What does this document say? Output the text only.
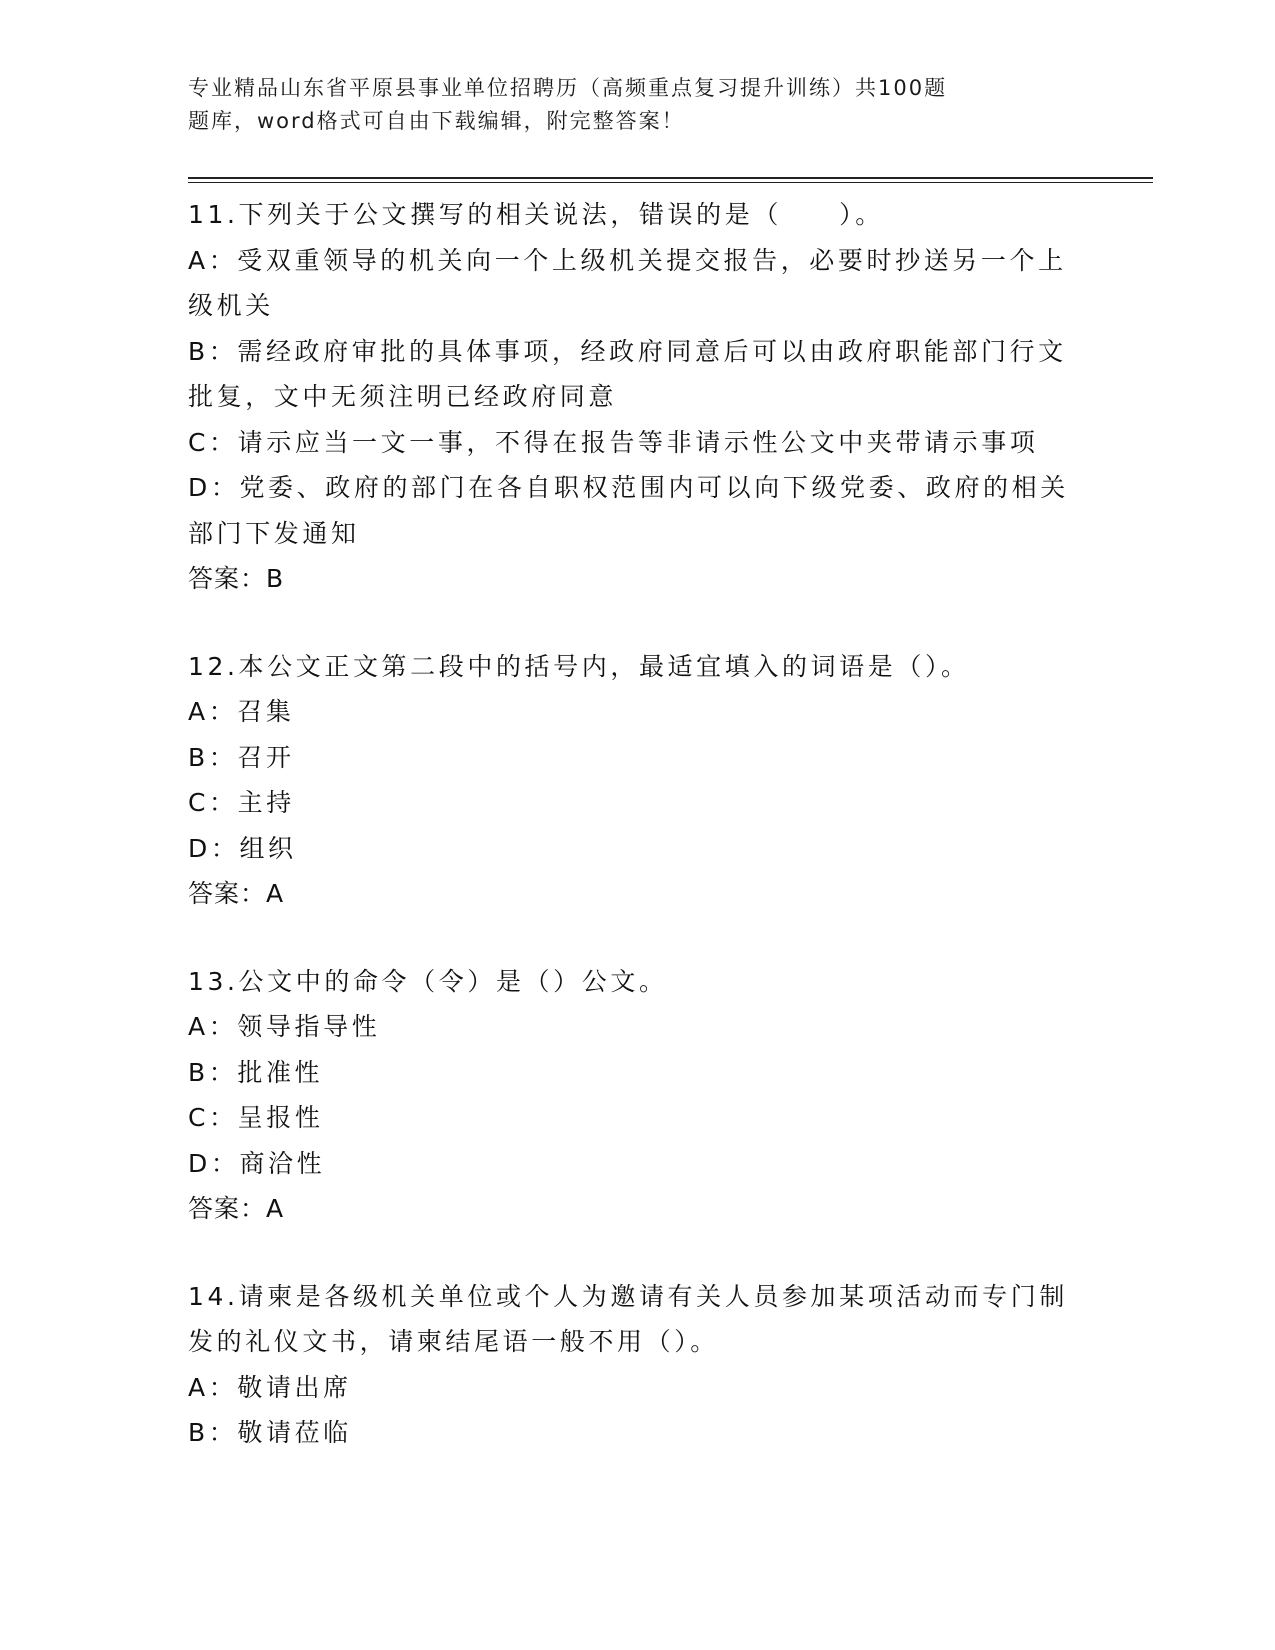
专业精品山东省平原县事业单位招聘历（高频重点复习提升训练）共100题
题库，word格式可自由下载编辑，附完整答案！
11.下列关于公文撰写的相关说法，错误的是（　　）。
A：受双重领导的机关向一个上级机关提交报告，必要时抄送另一个上
级机关
B：需经政府审批的具体事项，经政府同意后可以由政府职能部门行文
批复，文中无须注明已经政府同意
C：请示应当一文一事，不得在报告等非请示性公文中夹带请示事项
D：党委、政府的部门在各自职权范围内可以向下级党委、政府的相关
部门下发通知
答案：B
12.本公文正文第二段中的括号内，最适宜填入的词语是（）。
A：召集
B：召开
C：主持
D：组织
答案：A
13.公文中的命令（令）是（）公文。
A：领导指导性
B：批准性
C：呈报性
D：商洽性
答案：A
14.请柬是各级机关单位或个人为邀请有关人员参加某项活动而专门制
发的礼仪文书，请柬结尾语一般不用（）。
A：敬请出席
B：敬请莅临
